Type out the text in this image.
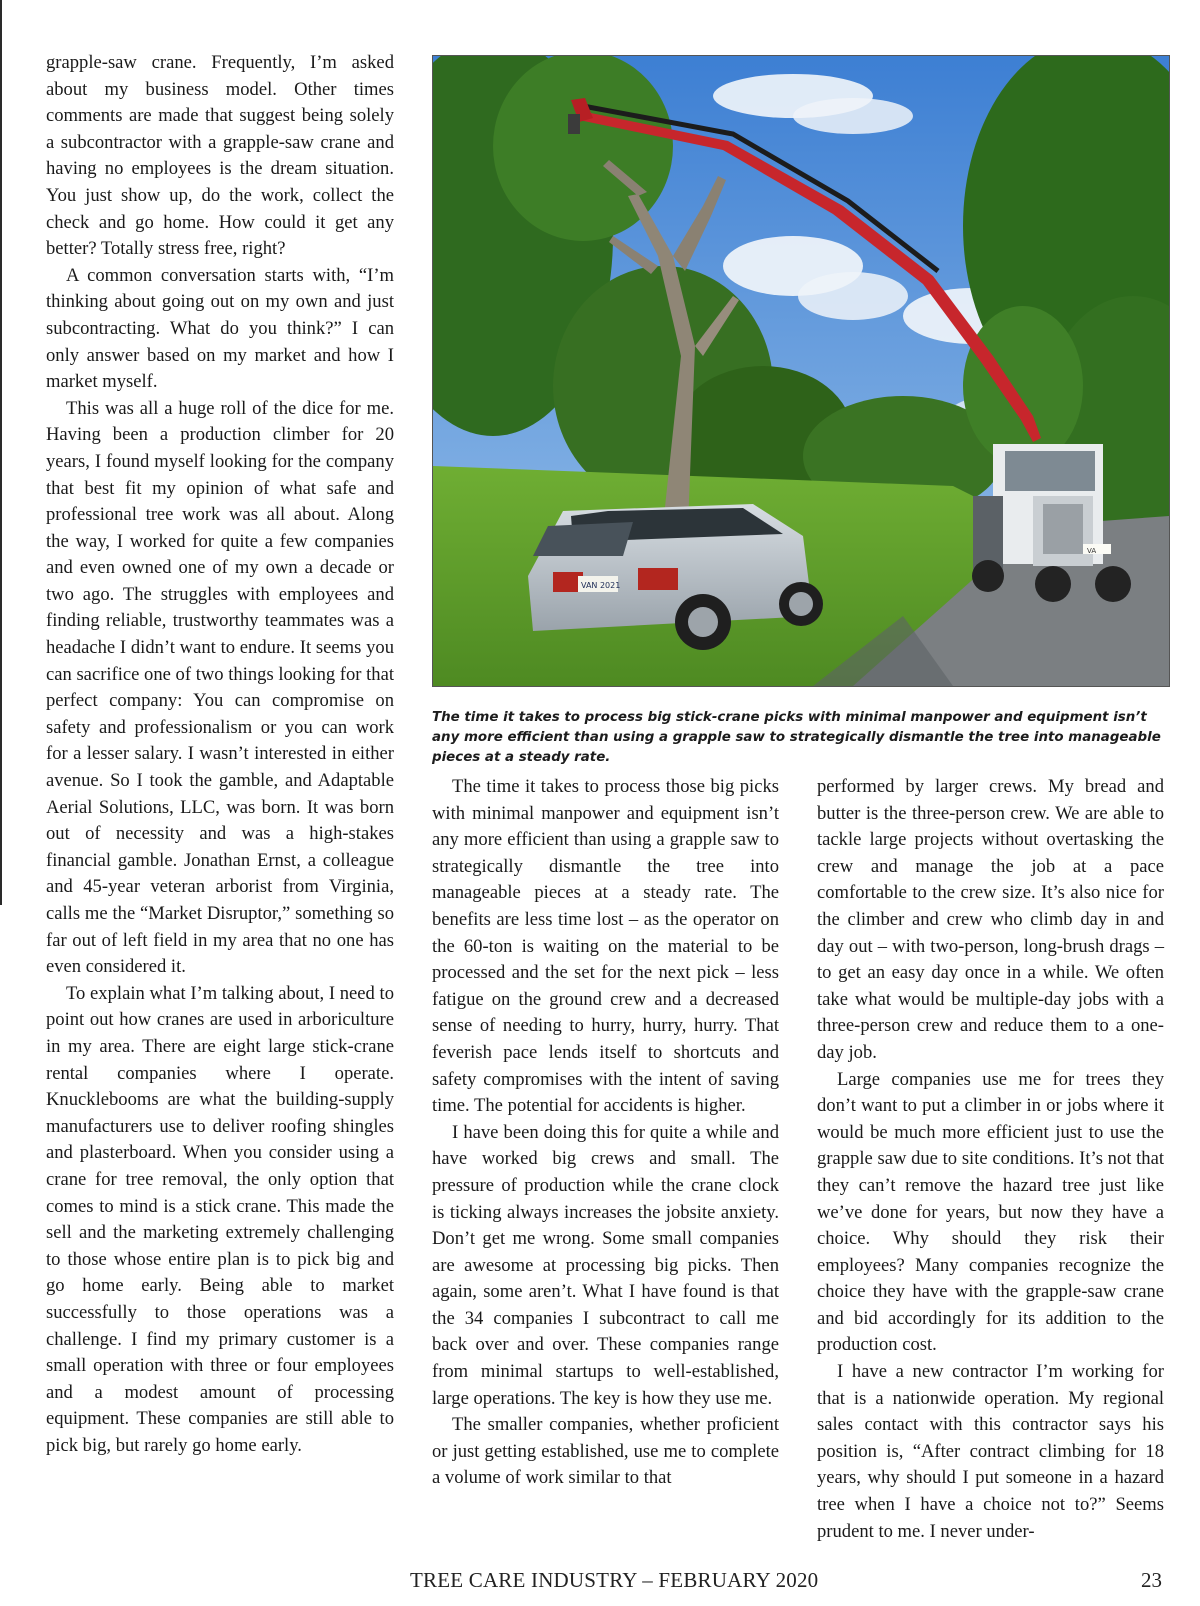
grapple-saw crane. Frequently, I’m asked about my business model. Other times comments are made that suggest being solely a subcontractor with a grapple-saw crane and having no employees is the dream situation. You just show up, do the work, collect the check and go home. How could it get any better? Totally stress free, right?

A common conversation starts with, “I’m thinking about going out on my own and just subcontracting. What do you think?” I can only answer based on my market and how I market myself.

This was all a huge roll of the dice for me. Having been a production climber for 20 years, I found myself looking for the company that best fit my opinion of what safe and professional tree work was all about. Along the way, I worked for quite a few companies and even owned one of my own a decade or two ago. The struggles with employees and finding reliable, trustworthy teammates was a headache I didn’t want to endure. It seems you can sacrifice one of two things looking for that perfect company: You can compromise on safety and professionalism or you can work for a lesser salary. I wasn’t interested in either avenue. So I took the gamble, and Adaptable Aerial Solutions, LLC, was born. It was born out of necessity and was a high-stakes financial gamble. Jonathan Ernst, a colleague and 45-year veteran arborist from Virginia, calls me the “Market Disruptor,” something so far out of left field in my area that no one has even considered it.

To explain what I’m talking about, I need to point out how cranes are used in arboriculture in my area. There are eight large stick-crane rental companies where I operate. Knucklebooms are what the building-supply manufacturers use to deliver roofing shingles and plasterboard. When you consider using a crane for tree removal, the only option that comes to mind is a stick crane. This made the sell and the marketing extremely challenging to those whose entire plan is to pick big and go home early. Being able to market successfully to those operations was a challenge. I find my primary customer is a small operation with three or four employees and a modest amount of processing equipment. These companies are still able to pick big, but rarely go home early.

VA
VAN 2021
The time it takes to process big stick-crane picks with minimal manpower and equipment isn’t any more efficient than using a grapple saw to strategically dismantle the tree into manageable pieces at a steady rate.

The time it takes to process those big picks with minimal manpower and equipment isn’t any more efficient than using a grapple saw to strategically dismantle the tree into manageable pieces at a steady rate. The benefits are less time lost – as the operator on the 60-ton is waiting on the material to be processed and the set for the next pick – less fatigue on the ground crew and a decreased sense of needing to hurry, hurry, hurry. That feverish pace lends itself to shortcuts and safety compromises with the intent of saving time. The potential for accidents is higher.

I have been doing this for quite a while and have worked big crews and small. The pressure of production while the crane clock is ticking always increases the jobsite anxiety. Don’t get me wrong. Some small companies are awesome at processing big picks. Then again, some aren’t. What I have found is that the 34 companies I subcontract to call me back over and over. These companies range from minimal startups to well-established, large operations. The key is how they use me.

The smaller companies, whether proficient or just getting established, use me to complete a volume of work similar to that

performed by larger crews. My bread and butter is the three-person crew. We are able to tackle large projects without overtasking the crew and manage the job at a pace comfortable to the crew size. It’s also nice for the climber and crew who climb day in and day out – with two-person, long-brush drags – to get an easy day once in a while. We often take what would be multiple-day jobs with a three-person crew and reduce them to a one-day job.

Large companies use me for trees they don’t want to put a climber in or jobs where it would be much more efficient just to use the grapple saw due to site conditions. It’s not that they can’t remove the hazard tree just like we’ve done for years, but now they have a choice. Why should they risk their employees? Many companies recognize the choice they have with the grapple-saw crane and bid accordingly for its addition to the production cost.

I have a new contractor I’m working for that is a nationwide operation. My regional sales contact with this contractor says his position is, “After contract climbing for 18 years, why should I put someone in a hazard tree when I have a choice not to?” Seems prudent to me. I never under-

TREE CARE INDUSTRY – FEBRUARY 2020	23
